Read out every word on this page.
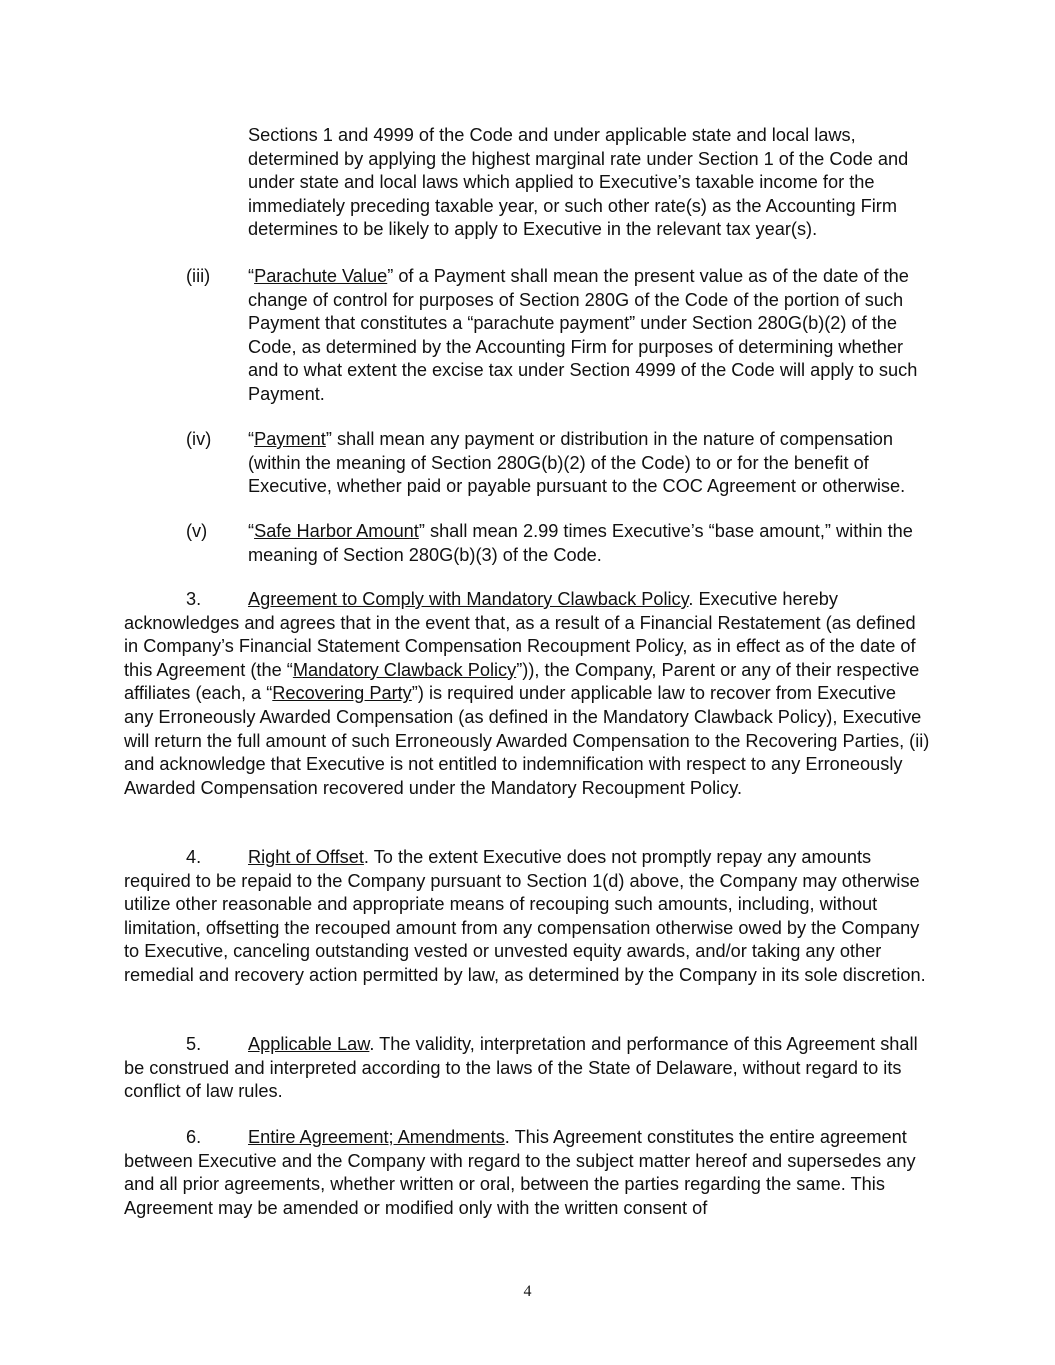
Sections 1 and 4999 of the Code and under applicable state and local laws, determined by applying the highest marginal rate under Section 1 of the Code and under state and local laws which applied to Executive’s taxable income for the immediately preceding taxable year, or such other rate(s) as the Accounting Firm determines to be likely to apply to Executive in the relevant tax year(s).

(iii) “Parachute Value” of a Payment shall mean the present value as of the date of the change of control for purposes of Section 280G of the Code of the portion of such Payment that constitutes a “parachute payment” under Section 280G(b)(2) of the Code, as determined by the Accounting Firm for purposes of determining whether and to what extent the excise tax under Section 4999 of the Code will apply to such Payment.
(iv) “Payment” shall mean any payment or distribution in the nature of compensation (within the meaning of Section 280G(b)(2) of the Code) to or for the benefit of Executive, whether paid or payable pursuant to the COC Agreement or otherwise.
(v) “Safe Harbor Amount” shall mean 2.99 times Executive’s “base amount,” within the meaning of Section 280G(b)(3) of the Code.

3.	Agreement to Comply with Mandatory Clawback Policy. Executive hereby acknowledges and agrees that in the event that, as a result of a Financial Restatement (as defined in Company’s Financial Statement Compensation Recoupment Policy, as in effect as of the date of this Agreement (the “Mandatory Clawback Policy”)), the Company, Parent or any of their respective affiliates (each, a “Recovering Party”) is required under applicable law to recover from Executive any Erroneously Awarded Compensation (as defined in the Mandatory Clawback Policy), Executive will return the full amount of such Erroneously Awarded Compensation to the Recovering Parties, (ii) and acknowledge that Executive is not entitled to indemnification with respect to any Erroneously Awarded Compensation recovered under the Mandatory Recoupment Policy.

4.	Right of Offset. To the extent Executive does not promptly repay any amounts required to be repaid to the Company pursuant to Section 1(d) above, the Company may otherwise utilize other reasonable and appropriate means of recouping such amounts, including, without limitation, offsetting the recouped amount from any compensation otherwise owed by the Company to Executive, canceling outstanding vested or unvested equity awards, and/or taking any other remedial and recovery action permitted by law, as determined by the Company in its sole discretion.

5.	Applicable Law. The validity, interpretation and performance of this Agreement shall be construed and interpreted according to the laws of the State of Delaware, without regard to its conflict of law rules.

6.	Entire Agreement; Amendments. This Agreement constitutes the entire agreement between Executive and the Company with regard to the subject matter hereof and supersedes any and all prior agreements, whether written or oral, between the parties regarding the same. This Agreement may be amended or modified only with the written consent of

4
